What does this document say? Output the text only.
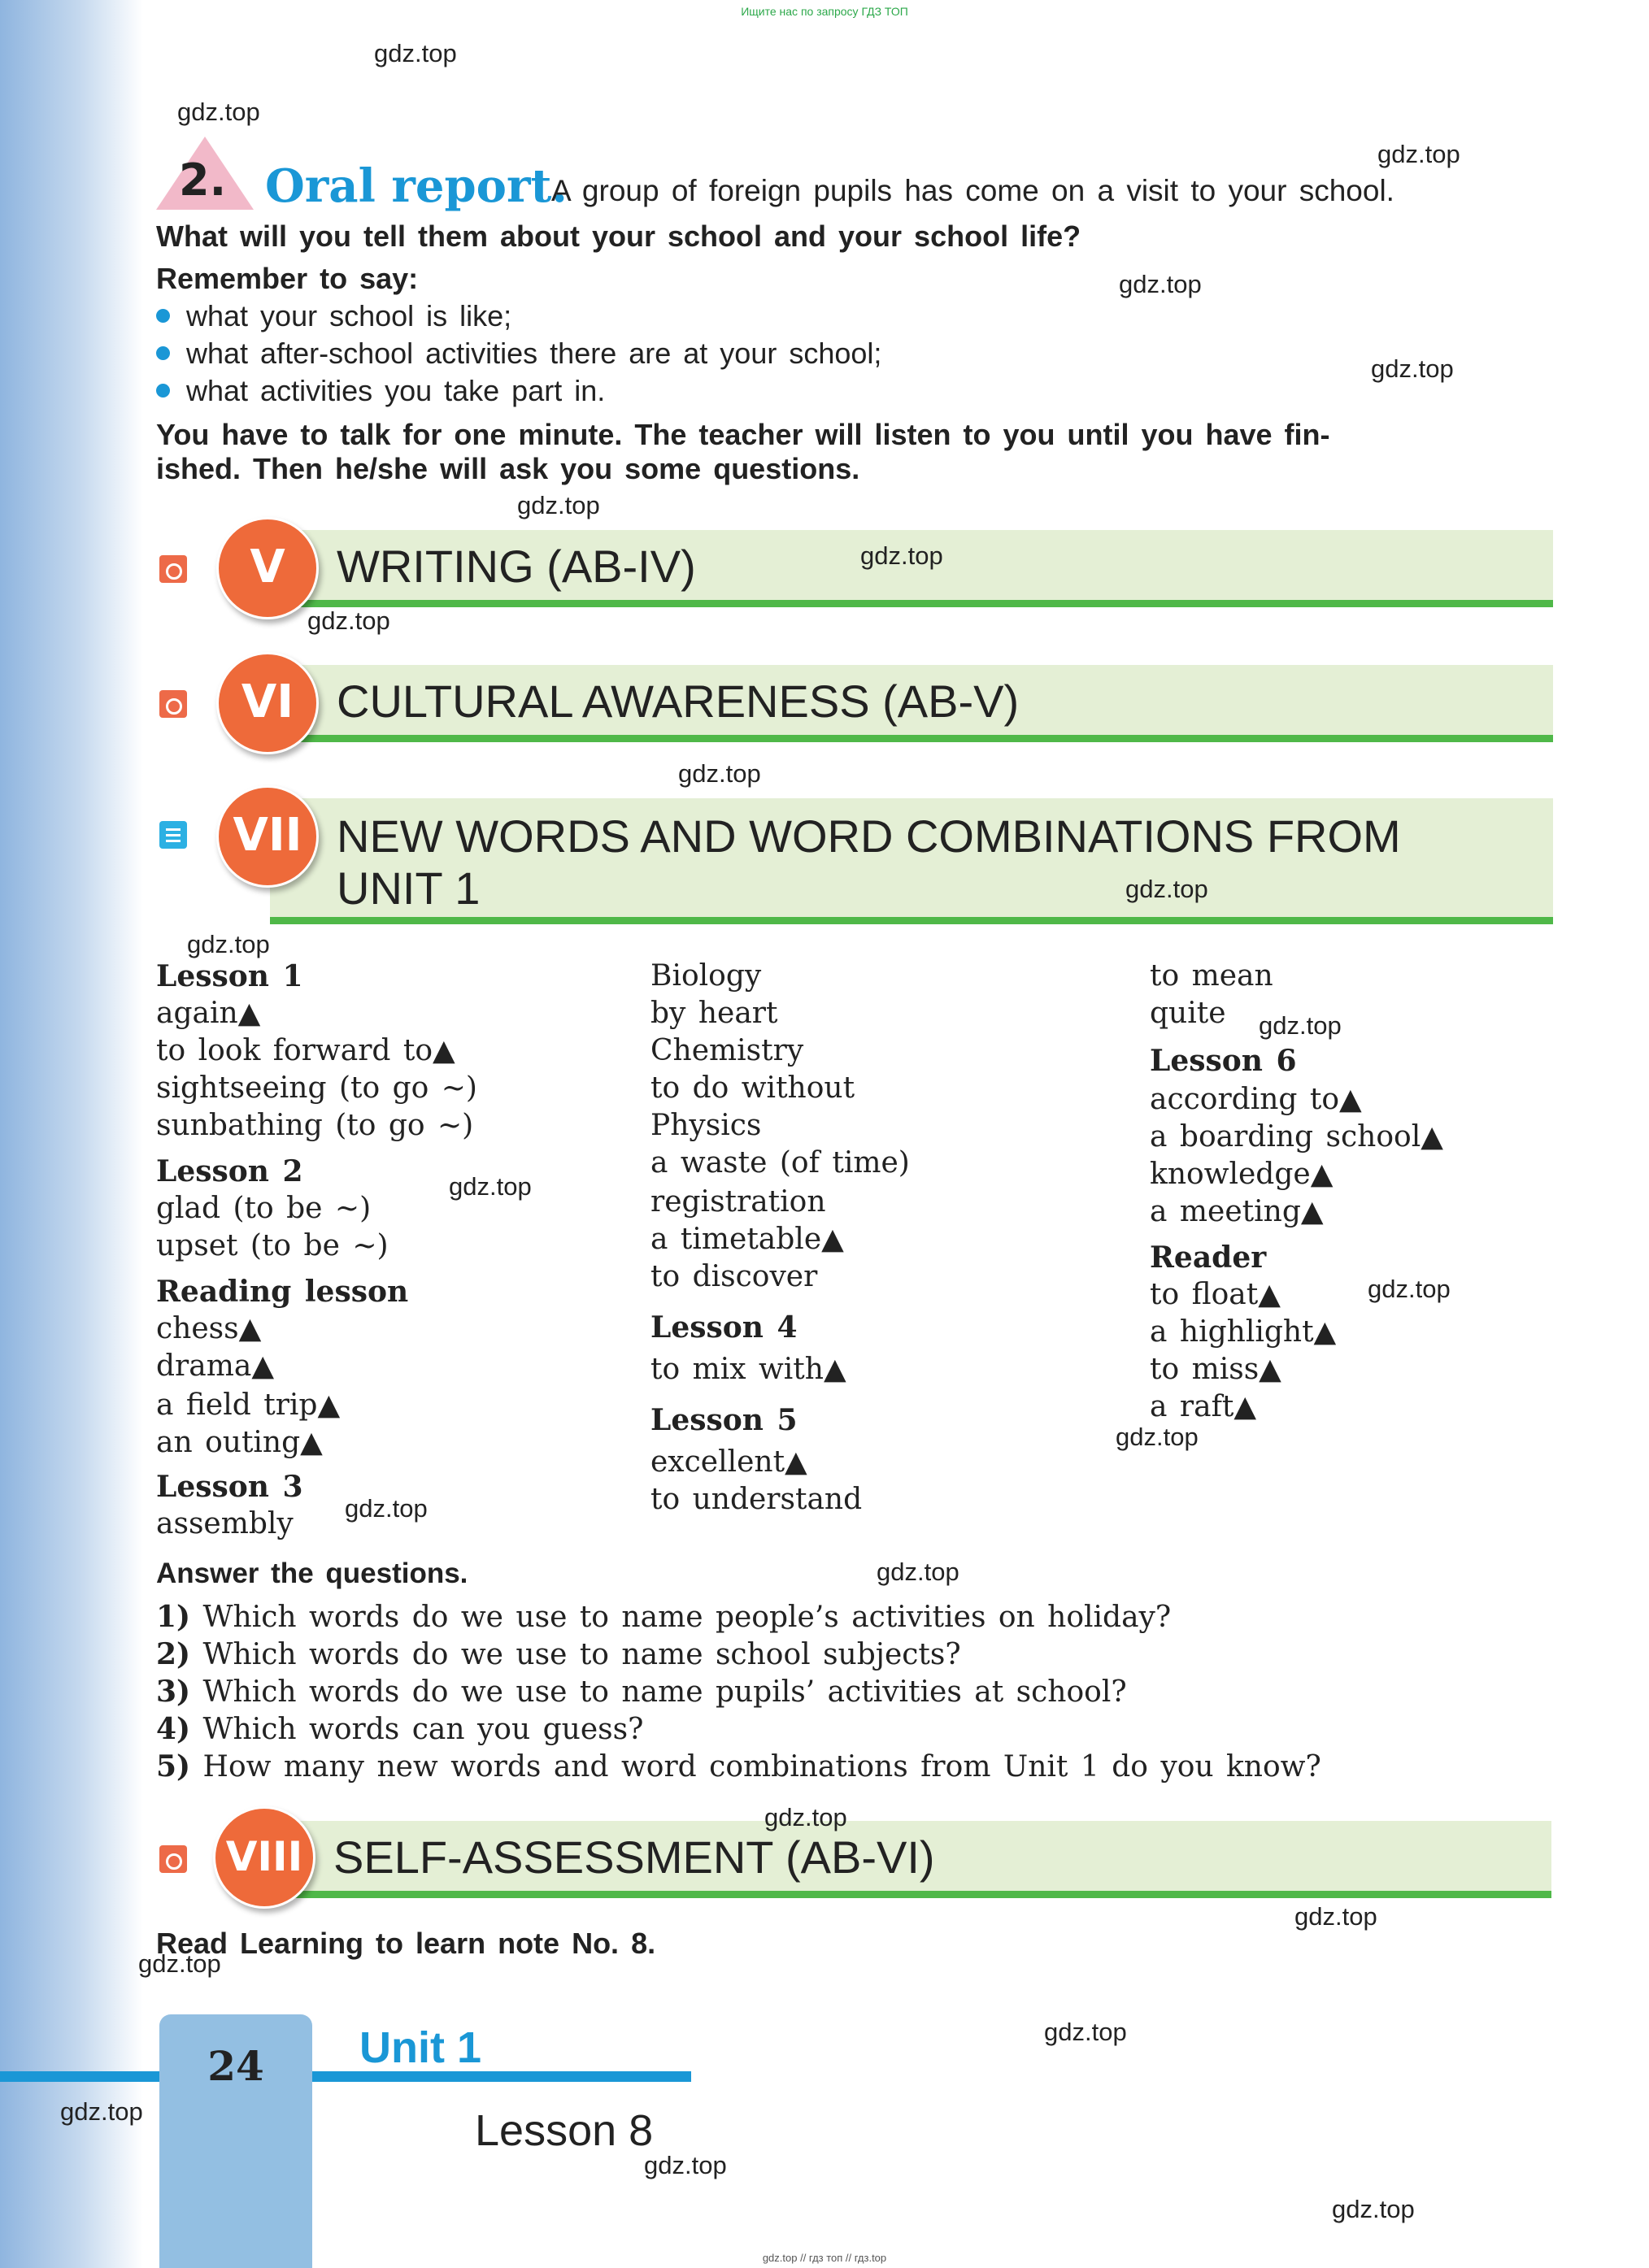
Ищите нас по запросу ГДЗ ТОП
2. Oral report.
A group of foreign pupils has come on a visit to your school.
What will you tell them about your school and your school life?
Remember to say:
what your school is like;
what after-school activities there are at your school;
what activities you take part in.
You have to talk for one minute. The teacher will listen to you until you have fin-
ished. Then he/she will ask you some questions.
V	WRITING (AB-IV)
VI CULTURAL AWARENESS (AB-V)
VII NEW WORDS AND WORD COMBINATIONS FROM
UNIT 1
Lesson 1
again▲
to look forward to▲
sightseeing (to go ~)
sunbathing (to go ~)
Lesson 2
glad (to be ~)
upset (to be ~)
Reading lesson
chess▲
drama▲
a field trip▲
an outing▲
Lesson 3
assembly
Biology
by heart
Chemistry
to do without
Physics
a waste (of time)
registration
a timetable▲
to discover
Lesson 4
to mix with▲
Lesson 5
excellent▲
to understand
to mean
quite
Lesson 6
according to▲
a boarding school▲
knowledge▲
a meeting▲
Reader
to float▲
a highlight▲
to miss▲
a raft▲
Answer the questions.
1) Which words do we use to name people’s activities on holiday?
2) Which words do we use to name school subjects?
3) Which words do we use to name pupils’ activities at school?
4) Which words can you guess?
5) How many new words and word combinations from Unit 1 do you know?
VIII SELF-ASSESSMENT (AB-VI)
Read Learning to learn note No. 8.
24	Unit 1
Lesson 8
gdz.top
gdz.top
gdz.top
gdz.top
gdz.top
gdz.top
gdz.top
gdz.top
gdz.top
gdz.top
gdz.top
gdz.top
gdz.top
gdz.top
gdz.top
gdz.top
gdz.top
gdz.top
gdz.top
gdz.top
gdz.top
gdz.top
gdz.top
gdz.top
gdz.top // гдз топ // гдз.top
